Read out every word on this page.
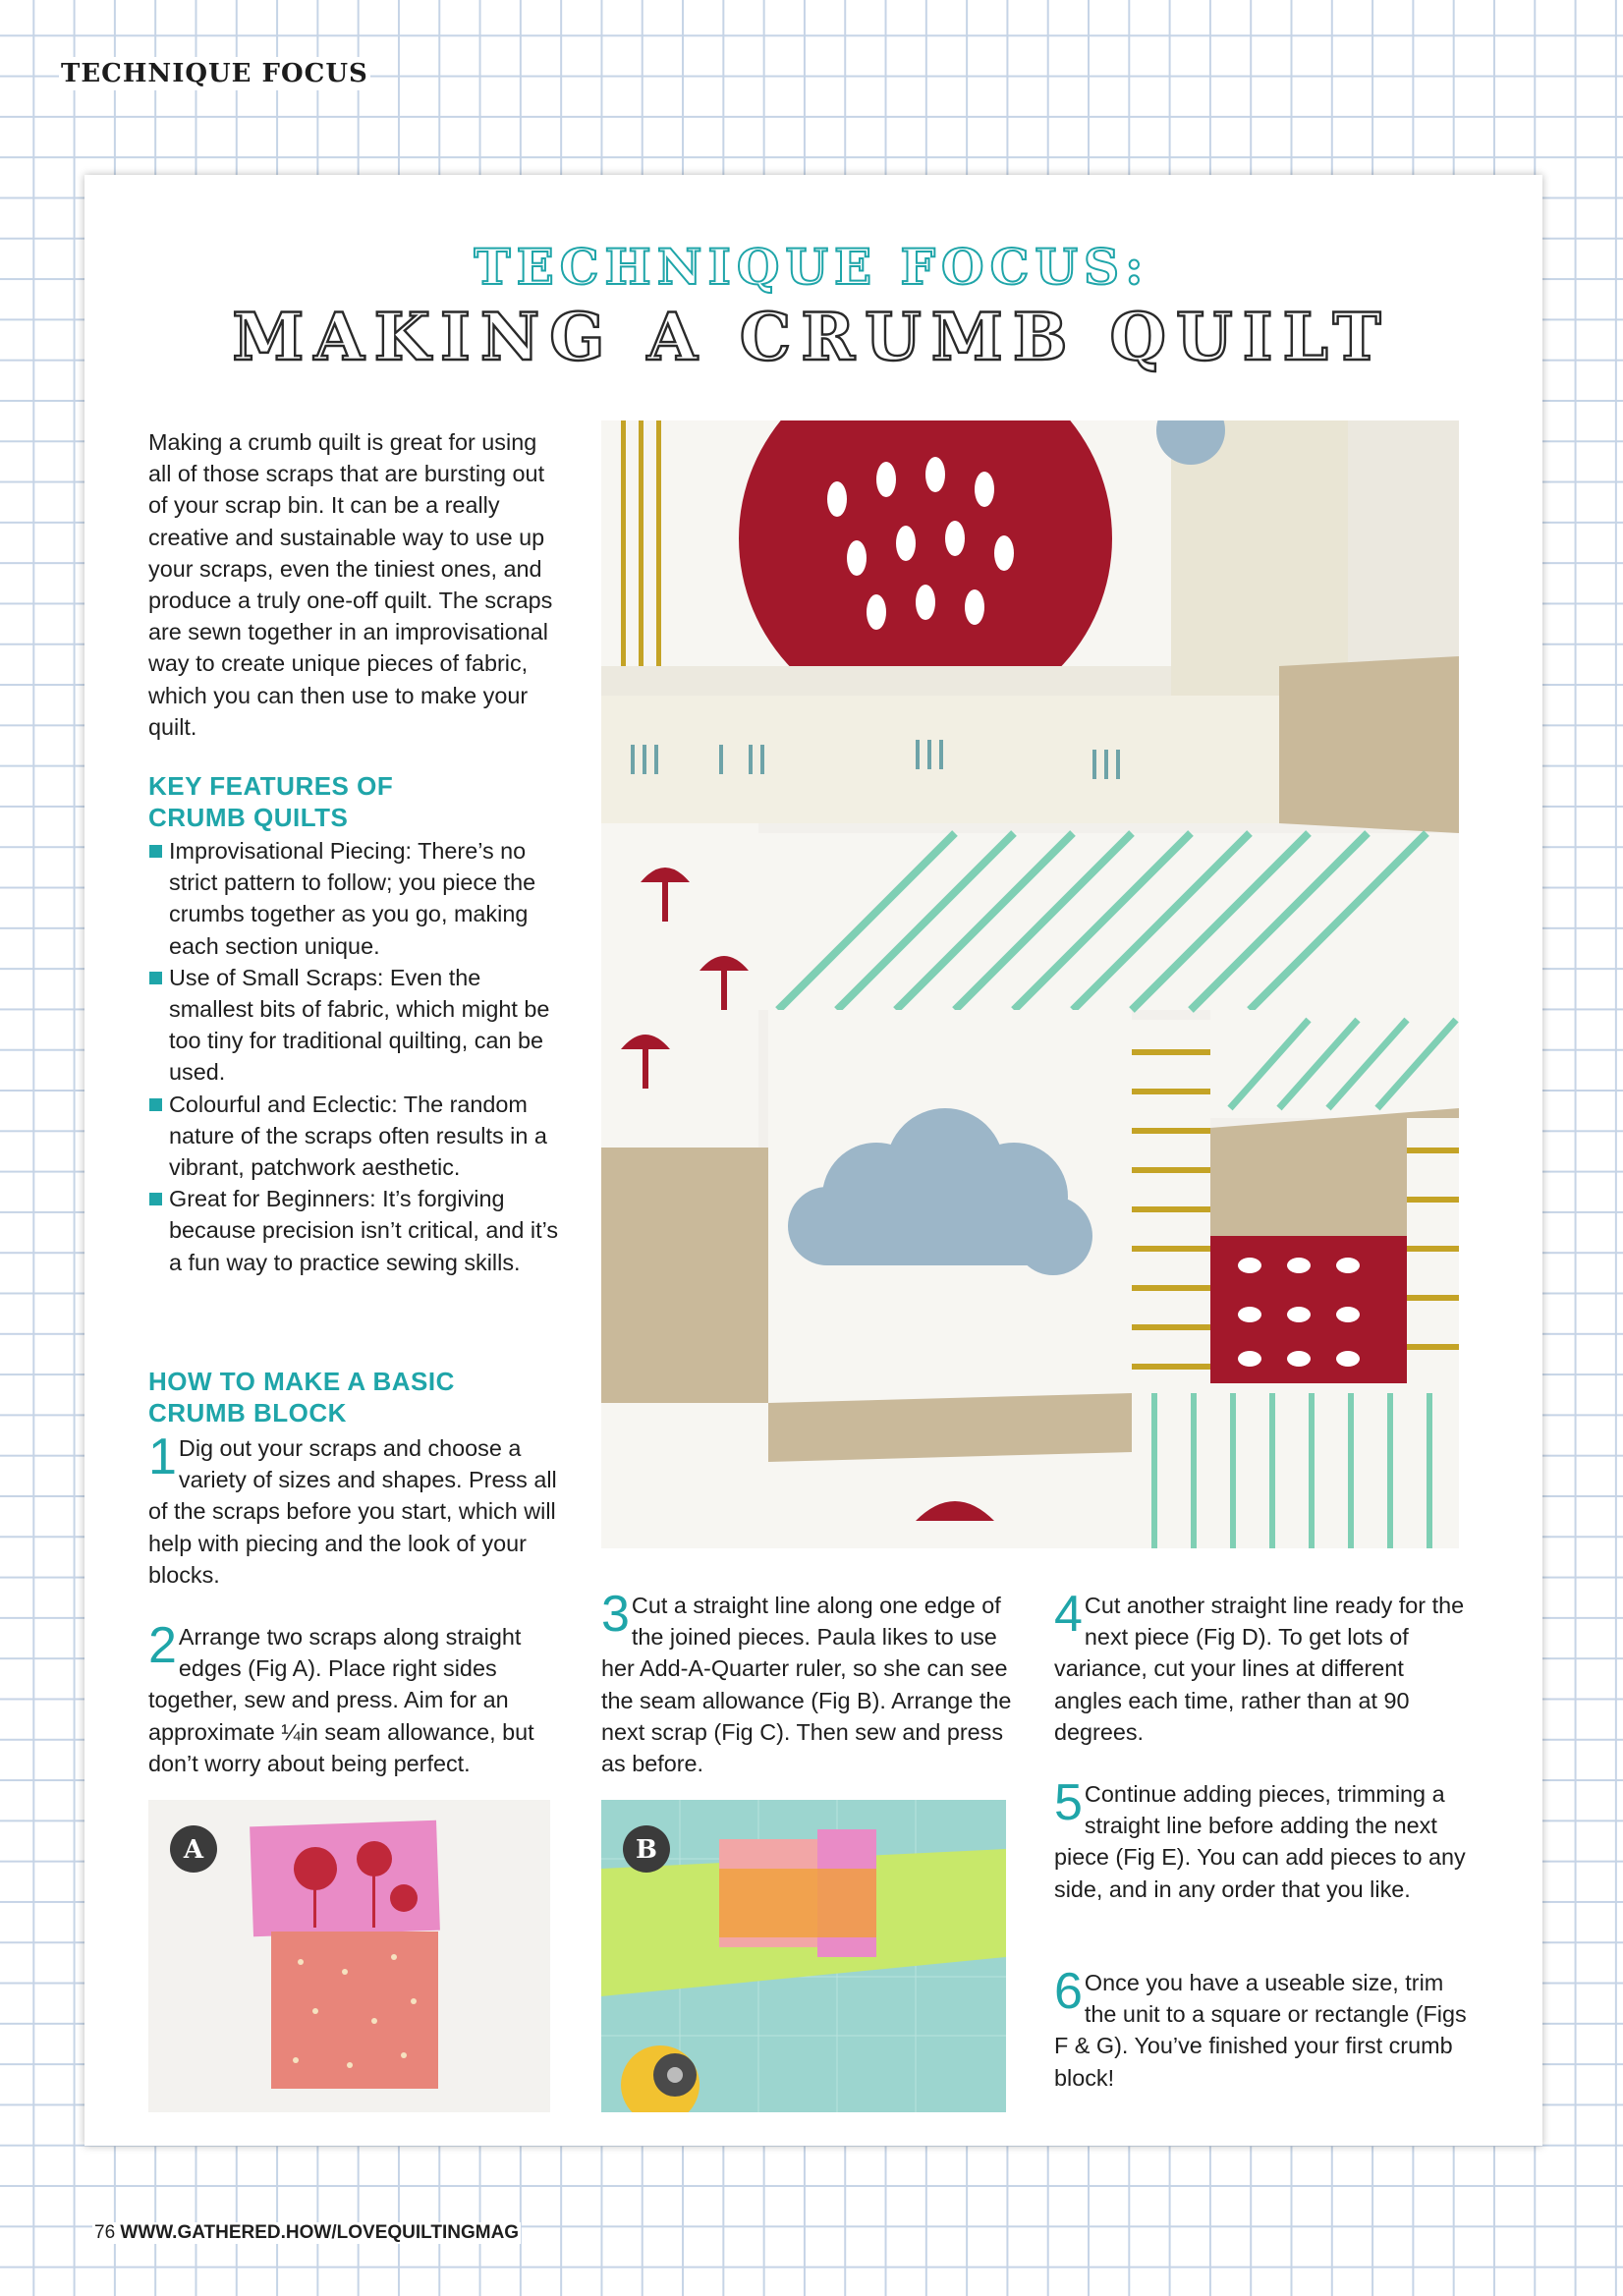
TECHNIQUE FOCUS
TECHNIQUE FOCUS:
MAKING A CRUMB QUILT

Making a crumb quilt is great for using all of those scraps that are bursting out of your scrap bin. It can be a really creative and sustainable way to use up your scraps, even the tiniest ones, and produce a truly one-off quilt. The scraps are sewn together in an improvisational way to create unique pieces of fabric, which you can then use to make your quilt.

KEY FEATURES OF

CRUMB QUILTS

Improvisational Piecing: There’s no strict pattern to follow; you piece the crumbs together as you go, making each section unique.
Use of Small Scraps: Even the smallest bits of fabric, which might be too tiny for traditional quilting, can be used.
Colourful and Eclectic: The random nature of the scraps often results in a vibrant, patchwork aesthetic.
Great for Beginners: It’s forgiving because precision isn’t critical, and it’s a fun way to practice sewing skills.

HOW TO MAKE A BASIC

CRUMB BLOCK

1 Dig out your scraps and choose a variety of sizes and shapes. Press all of the scraps before you start, which will help with piecing and the look of your blocks.
2 Arrange two scraps along straight edges (Fig A). Place right sides together, sew and press. Aim for an approximate ¼in seam allowance, but don’t worry about being perfect.
3 Cut a straight line along one edge of the joined pieces. Paula likes to use her Add-A-Quarter ruler, so she can see the seam allowance (Fig B). Arrange the next scrap (Fig C). Then sew and press as before.
4 Cut another straight line ready for the next piece (Fig D). To get lots of variance, cut your lines at different angles each time, rather than at 90 degrees.
5 Continue adding pieces, trimming a straight line before adding the next piece (Fig E). You can add pieces to any side, and in any order that you like.
6 Once you have a useable size, trim the unit to a square or rectangle (Figs F & G). You’ve finished your first crumb block!
A	B
76 WWW.GATHERED.HOW/LOVEQUILTINGMAG
